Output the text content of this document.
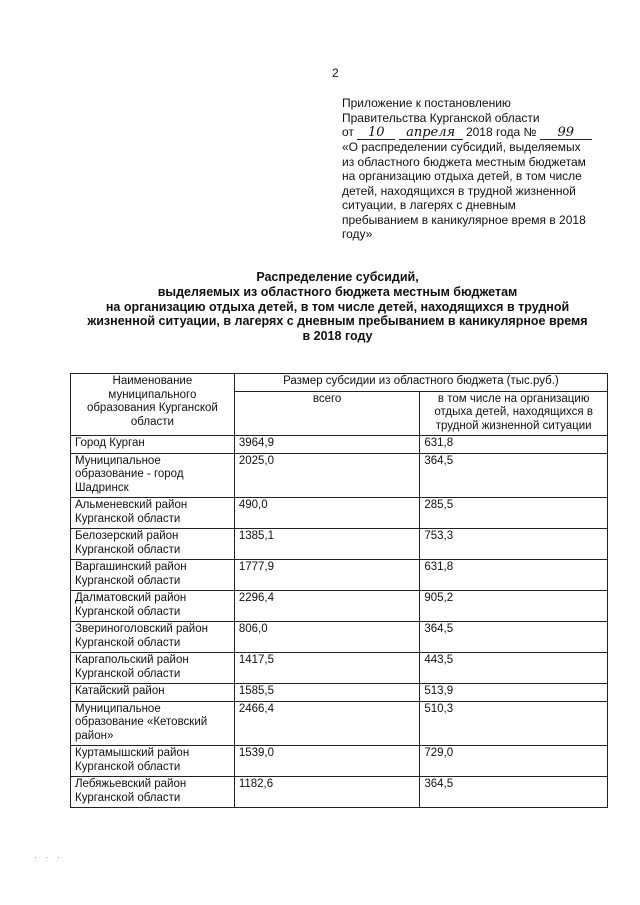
2
Приложение к постановлению
Правительства Курганской области
от 10 апреля 2018 года № 99
«О распределении субсидий, выделяемых
из областного бюджета местным бюджетам
на организацию отдыха детей, в том числе
детей, находящихся в трудной жизненной
ситуации, в лагерях с дневным
пребыванием в каникулярное время в 2018
году»
Распределение субсидий,
выделяемых из областного бюджета местным бюджетам
на организацию отдыха детей, в том числе детей, находящихся в трудной
жизненной ситуации, в лагерях с дневным пребыванием в каникулярное время
в 2018 году
Наименование муниципального образования Курганской области	Размер субсидии из областного бюджета (тыс.руб.)	
	всего	в том числе на организацию отдыха детей, находящихся в трудной жизненной ситуации
Город Курган	3964,9	631,8
Муниципальное образование - город Шадринск	2025,0	364,5
Альменевский район Курганской области	490,0	285,5
Белозерский район Курганской области	1385,1	753,3
Варгашинский район Курганской области	1777,9	631,8
Далматовский район Курганской области	2296,4	905,2
Звериноголовский район Курганской области	806,0	364,5
Каргапольский район Курганской области	1417,5	443,5
Катайский район	1585,5	513,9
Муниципальное образование «Кетовский район»	2466,4	510,3
Куртамышский район Курганской области	1539,0	729,0
Лебяжьевский район Курганской области	1182,6	364,5
· · ·
